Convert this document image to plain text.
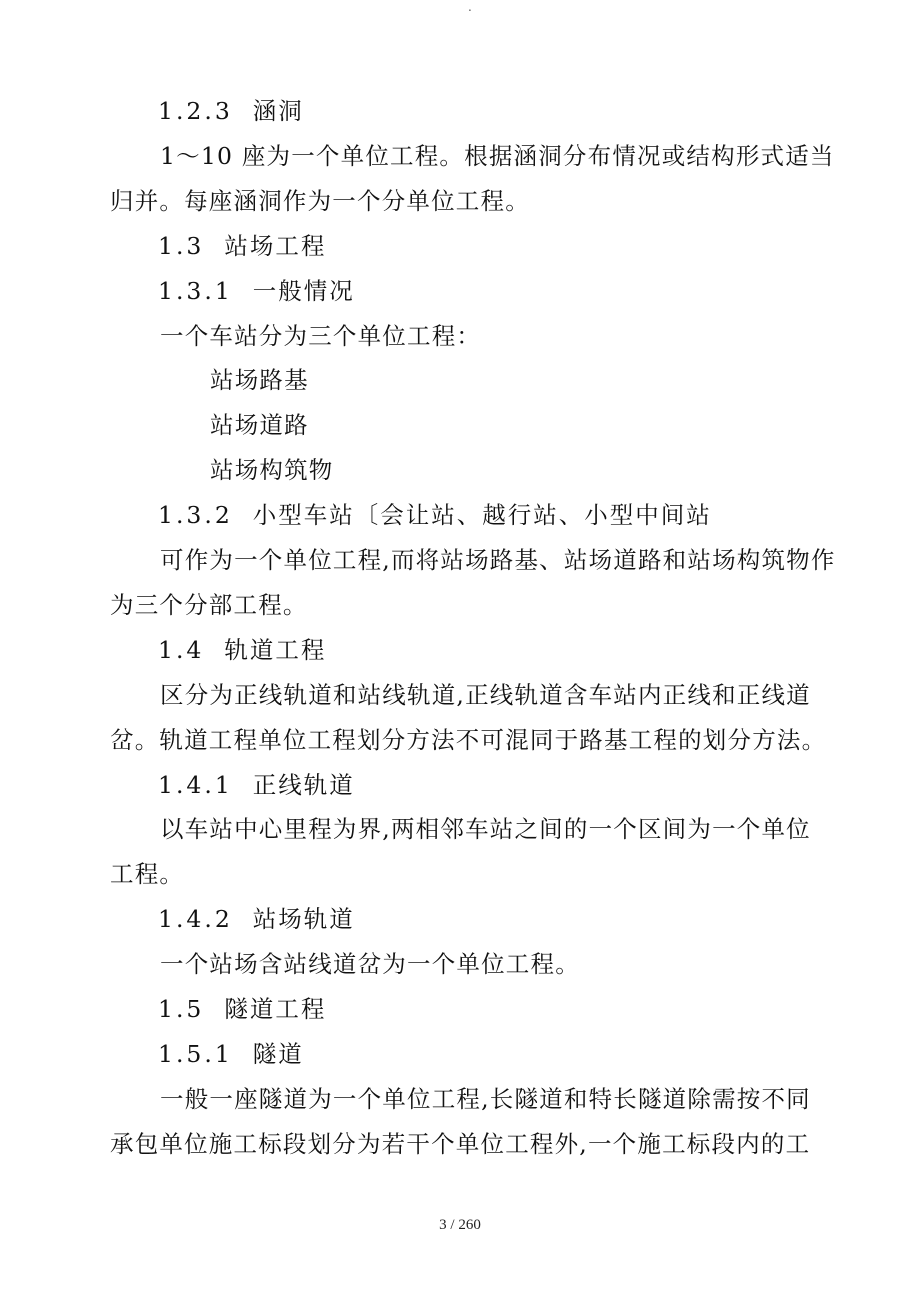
.
1.2.3 涵洞
1～10 座为一个单位工程。根据涵洞分布情况或结构形式适当
归并。每座涵洞作为一个分单位工程。
1.3 站场工程
1.3.1 一般情况
一个车站分为三个单位工程：
站场路基
站场道路
站场构筑物
1.3.2 小型车站〔会让站、越行站、小型中间站
可作为一个单位工程,而将站场路基、站场道路和站场构筑物作
为三个分部工程。
1.4 轨道工程
区分为正线轨道和站线轨道,正线轨道含车站内正线和正线道
岔。轨道工程单位工程划分方法不可混同于路基工程的划分方法。
1.4.1 正线轨道
以车站中心里程为界,两相邻车站之间的一个区间为一个单位
工程。
1.4.2 站场轨道
一个站场含站线道岔为一个单位工程。
1.5 隧道工程
1.5.1 隧道
一般一座隧道为一个单位工程,长隧道和特长隧道除需按不同
承包单位施工标段划分为若干个单位工程外,一个施工标段内的工
3 / 260
